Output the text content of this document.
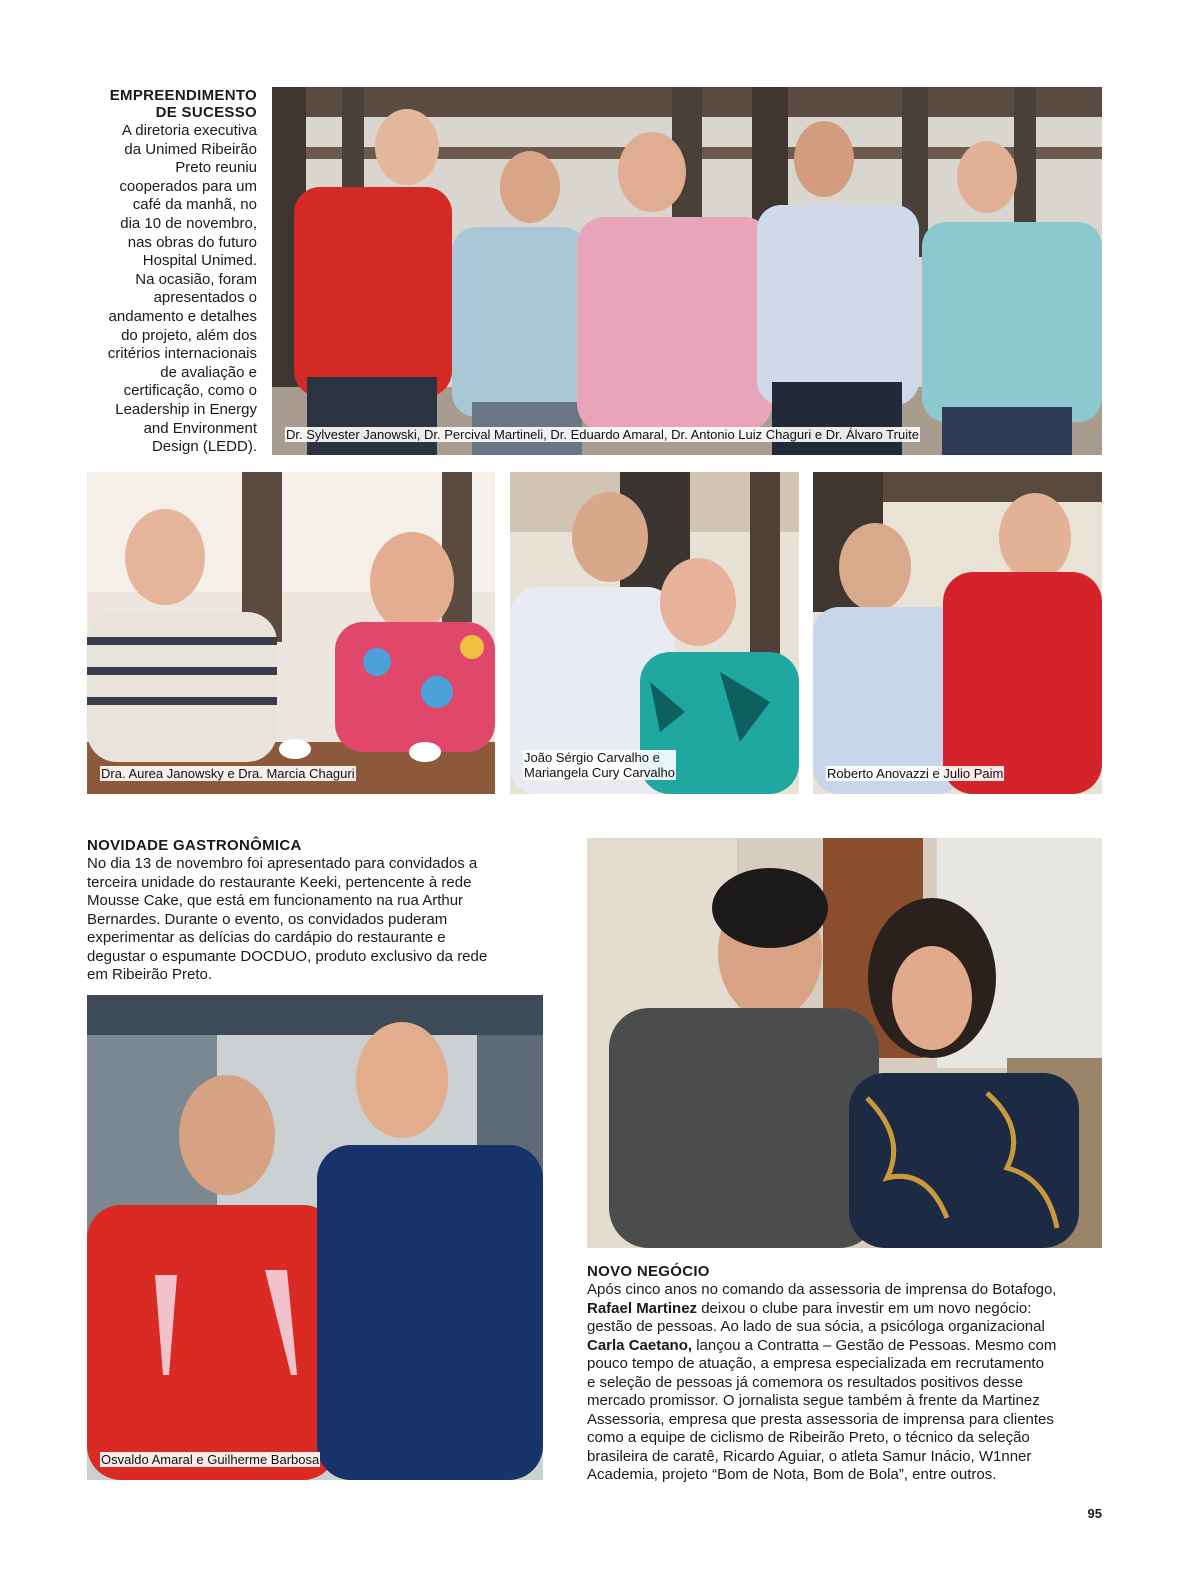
EMPREENDIMENTO
DE SUCESSO
A diretoria executiva
da Unimed Ribeirão
Preto reuniu
cooperados para um
café da manhã, no
dia 10 de novembro,
nas obras do futuro
Hospital Unimed.
Na ocasião, foram
apresentados o
andamento e detalhes
do projeto, além dos
critérios internacionais
de avaliação e
certificação, como o
Leadership in Energy
and Environment
Design (LEDD).
Dr. Sylvester Janowski, Dr. Percival Martineli, Dr. Eduardo Amaral, Dr. Antonio Luiz Chaguri e Dr. Álvaro Truite
Dra. Aurea Janowsky e Dra. Marcia Chaguri
João Sérgio Carvalho e
Mariangela Cury Carvalho	Roberto Anovazzi e Julio Paim
NOVIDADE GASTRONÔMICA
No dia 13 de novembro foi apresentado para convidados a
terceira unidade do restaurante Keeki, pertencente à rede
Mousse Cake, que está em funcionamento na rua Arthur
Bernardes. Durante o evento, os convidados puderam
experimentar as delícias do cardápio do restaurante e
degustar o espumante DOCDUO, produto exclusivo da rede
em Ribeirão Preto.
Osvaldo Amaral e Guilherme Barbosa
NOVO NEGÓCIO
Após cinco anos no comando da assessoria de imprensa do Botafogo,
Rafael Martinez deixou o clube para investir em um novo negócio:
gestão de pessoas. Ao lado de sua sócia, a psicóloga organizacional
Carla Caetano, lançou a Contratta – Gestão de Pessoas. Mesmo com
pouco tempo de atuação, a empresa especializada em recrutamento
e seleção de pessoas já comemora os resultados positivos desse
mercado promissor. O jornalista segue também à frente da Martinez
Assessoria, empresa que presta assessoria de imprensa para clientes
como a equipe de ciclismo de Ribeirão Preto, o técnico da seleção
brasileira de caratê, Ricardo Aguiar, o atleta Samur Inácio, W1nner
Academia, projeto “Bom de Nota, Bom de Bola”, entre outros.
95
